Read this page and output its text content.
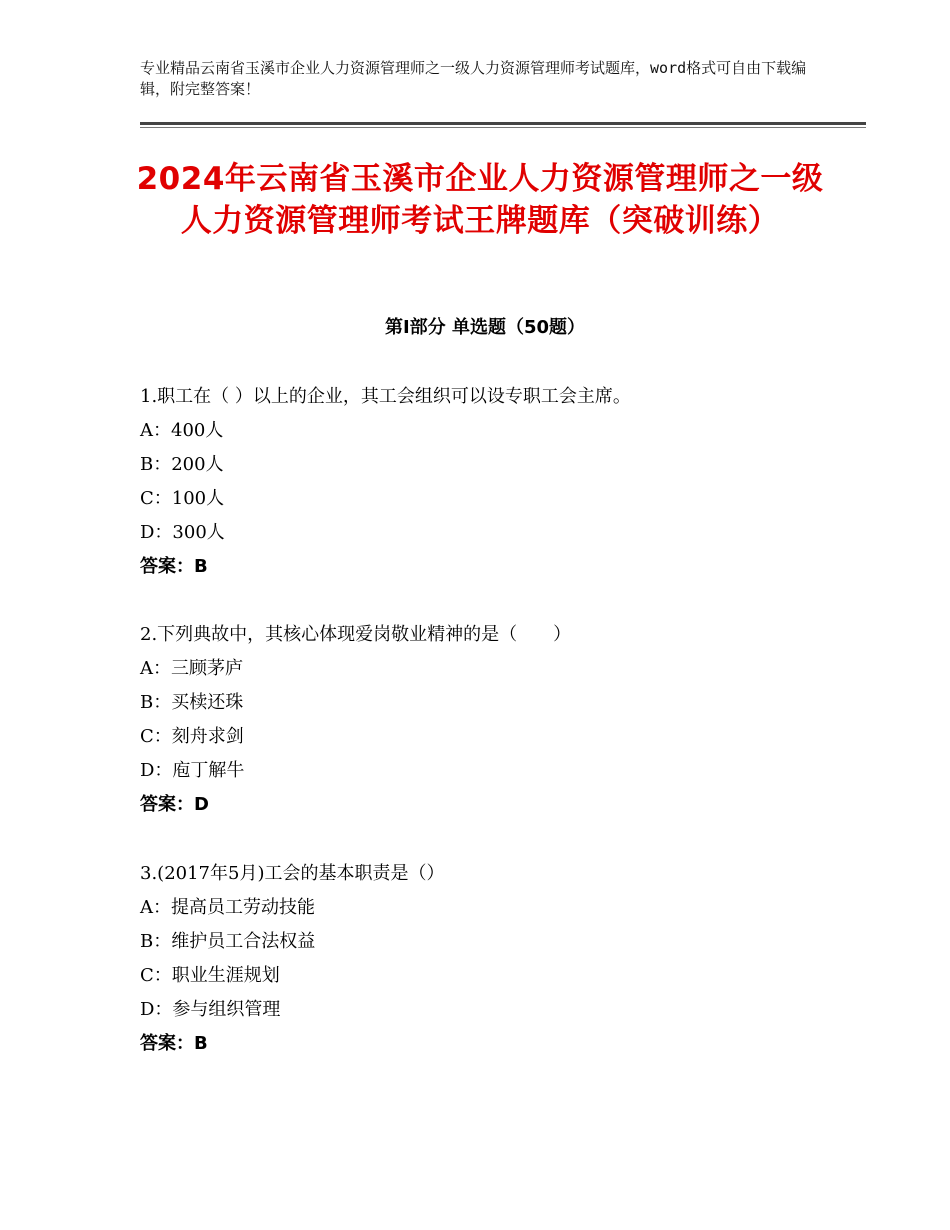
专业精品云南省玉溪市企业人力资源管理师之一级人力资源管理师考试题库，word格式可自由下载编辑，附完整答案！
2024年云南省玉溪市企业人力资源管理师之一级人力资源管理师考试王牌题库（突破训练）
第Ⅰ部分 单选题（50题）
1.职工在（ ）以上的企业，其工会组织可以设专职工会主席。
A：400人
B：200人
C：100人
D：300人
答案：B
2.下列典故中，其核心体现爱岗敬业精神的是（　　）
A：三顾茅庐
B：买椟还珠
C：刻舟求剑
D：庖丁解牛
答案：D
3.(2017年5月)工会的基本职责是（）
A：提高员工劳动技能
B：维护员工合法权益
C：职业生涯规划
D：参与组织管理
答案：B
